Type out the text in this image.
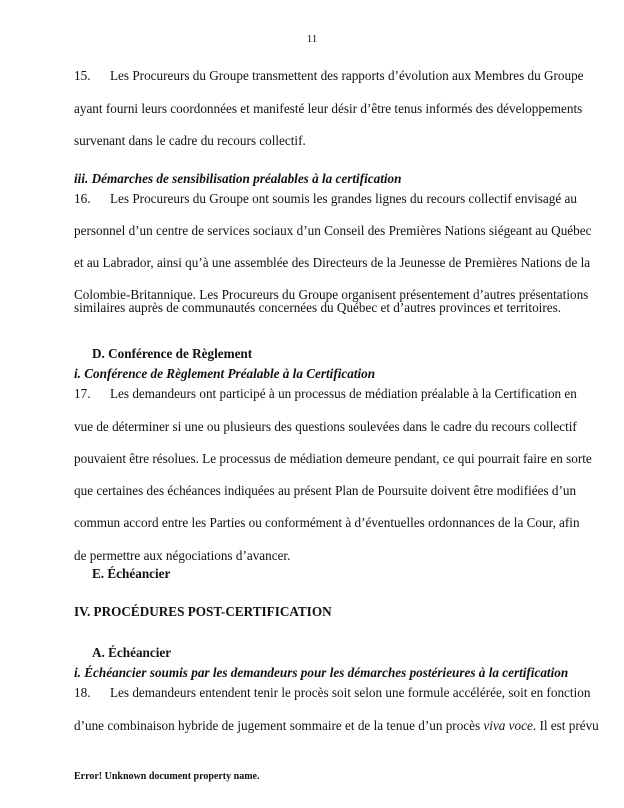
11
15. Les Procureurs du Groupe transmettent des rapports d’évolution aux Membres du Groupe
ayant fourni leurs coordonnées et manifesté leur désir d’être tenus informés des développements
survenant dans le cadre du recours collectif.
iii. Démarches de sensibilisation préalables à la certification
16. Les Procureurs du Groupe ont soumis les grandes lignes du recours collectif envisagé au
personnel d’un centre de services sociaux d’un Conseil des Premières Nations siégeant au Québec
et au Labrador, ainsi qu’à une assemblée des Directeurs de la Jeunesse de Premières Nations de la
Colombie-Britannique. Les Procureurs du Groupe organisent présentement d’autres présentations
similaires auprès de communautés concernées du Québec et d’autres provinces et territoires.
D. Conférence de Règlement
i. Conférence de Règlement Préalable à la Certification
17. Les demandeurs ont participé à un processus de médiation préalable à la Certification en
vue de déterminer si une ou plusieurs des questions soulevées dans le cadre du recours collectif
pouvaient être résolues. Le processus de médiation demeure pendant, ce qui pourrait faire en sorte
que certaines des échéances indiquées au présent Plan de Poursuite doivent être modifiées d’un
commun accord entre les Parties ou conformément à d’éventuelles ordonnances de la Cour, afin
de permettre aux négociations d’avancer.
E. Échéancier
IV. PROCÉDURES POST-CERTIFICATION
A. Échéancier
i. Échéancier soumis par les demandeurs pour les démarches postérieures à la certification
18. Les demandeurs entendent tenir le procès soit selon une formule accélérée, soit en fonction
d’une combinaison hybride de jugement sommaire et de la tenue d’un procès viva voce. Il est prévu
Error! Unknown document property name.
